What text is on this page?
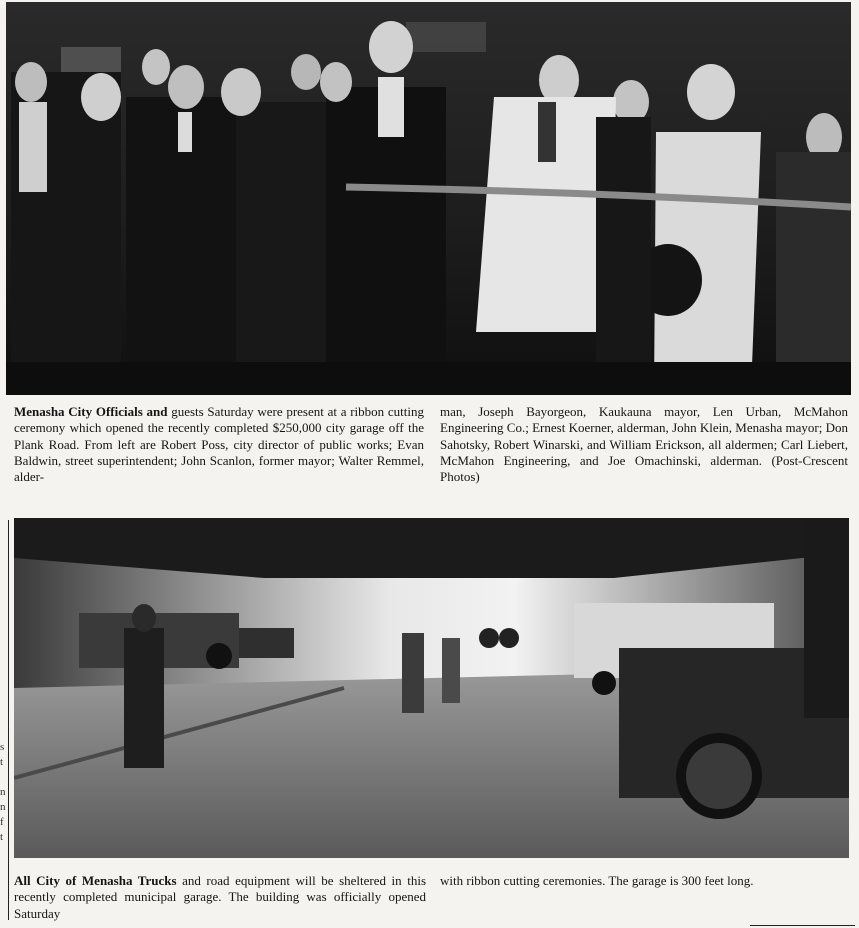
Menasha City Officials and guests Saturday were present at a ribbon cutting ceremony which opened the recently completed $250,000 city garage off the Plank Road. From left are Robert Poss, city director of public works; Evan Baldwin, street superintendent; John Scanlon, former mayor; Walter Remmel, alder-
man, Joseph Bayorgeon, Kaukauna mayor, Len Urban, McMahon Engineering Co.; Ernest Koerner, alderman, John Klein, Menasha mayor; Don Sahotsky, Robert Winarski, and William Erickson, all aldermen; Carl Liebert, McMahon Engineering, and Joe Omachinski, alderman. (Post-Crescent Photos)
All City of Menasha Trucks and road equipment will be sheltered in this recently completed municipal garage. The building was officially opened Saturday
with ribbon cutting ceremonies. The garage is 300 feet long.
s
t

n
n
f
t
